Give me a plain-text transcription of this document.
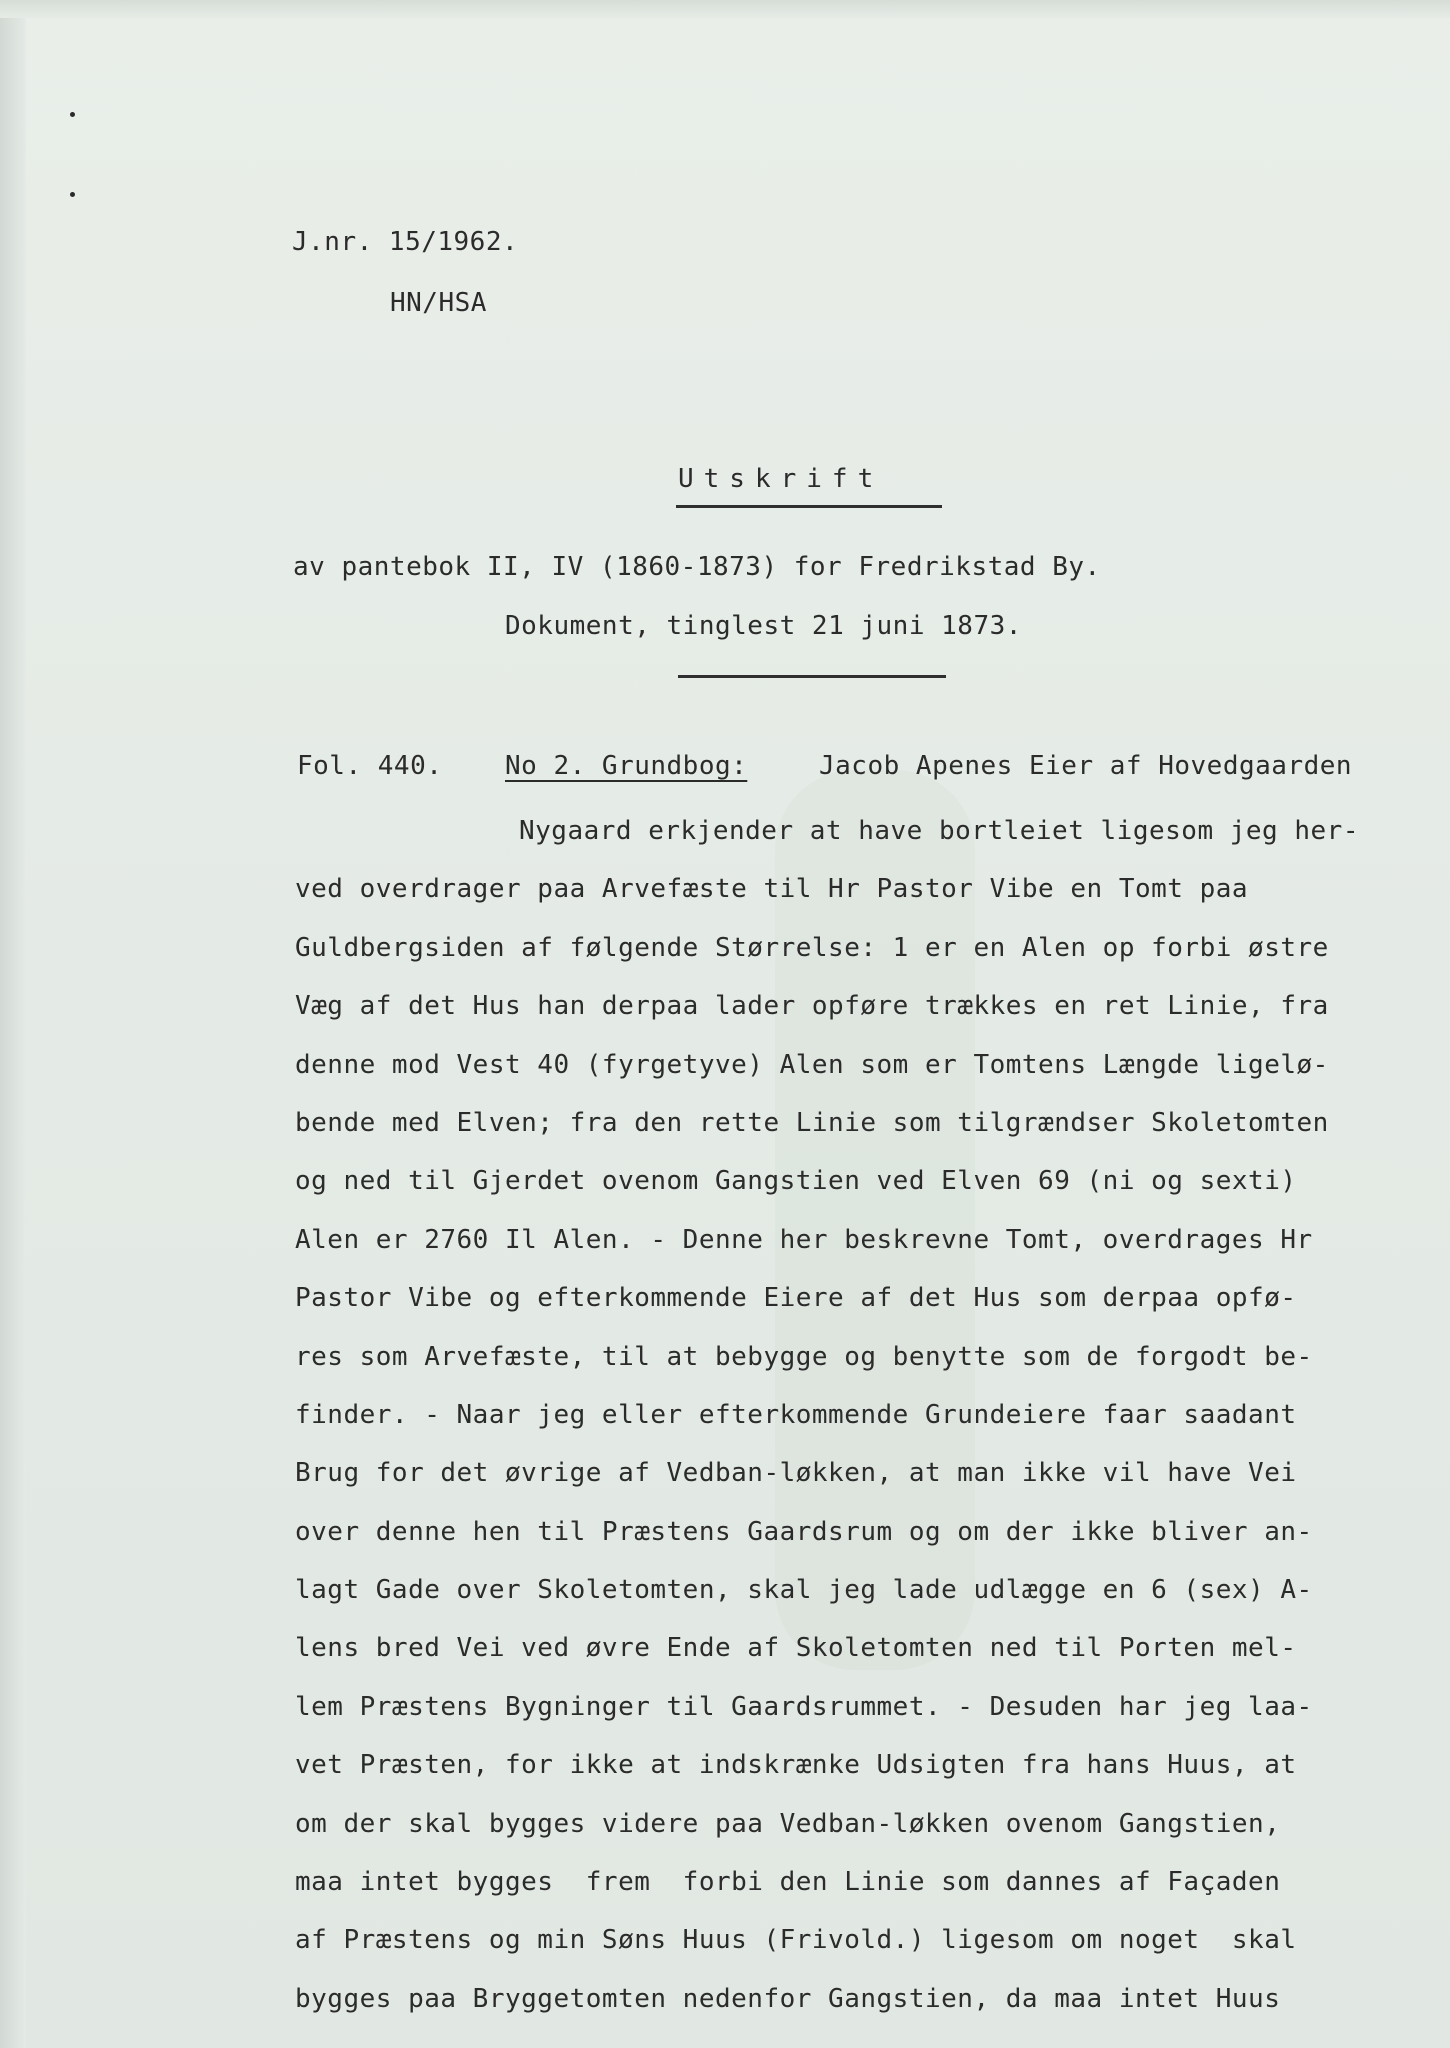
J.nr. 15/1962.

HN/HSA

Utskrift

av pantebok II, IV (1860-1873) for Fredrikstad By.

Dokument, tinglest 21 juni 1873.

Fol. 440. No 2. Grundbog:	Jacob Apenes Eier af Hovedgaarden

Nygaard erkjender at have bortleiet ligesom jeg her-
ved overdrager paa Arvefæste til Hr Pastor Vibe en Tomt paa
Guldbergsiden af følgende Størrelse: 1 er en Alen op forbi østre
Væg af det Hus han derpaa lader opføre trækkes en ret Linie, fra
denne mod Vest 40 (fyrgetyve) Alen som er Tomtens Længde ligelø-
bende med Elven; fra den rette Linie som tilgrændser Skoletomten
og ned til Gjerdet ovenom Gangstien ved Elven 69 (ni og sexti)
Alen er 2760 Il Alen. - Denne her beskrevne Tomt, overdrages Hr
Pastor Vibe og efterkommende Eiere af det Hus som derpaa opfø-
res som Arvefæste, til at bebygge og benytte som de forgodt be-
finder. - Naar jeg eller efterkommende Grundeiere faar saadant
Brug for det øvrige af Vedban-løkken, at man ikke vil have Vei
over denne hen til Præstens Gaardsrum og om der ikke bliver an-
lagt Gade over Skoletomten, skal jeg lade udlægge en 6 (sex) A-
lens bred Vei ved øvre Ende af Skoletomten ned til Porten mel-
lem Præstens Bygninger til Gaardsrummet. - Desuden har jeg laa-
vet Præsten, for ikke at indskrænke Udsigten fra hans Huus, at
om der skal bygges videre paa Vedban-løkken ovenom Gangstien,
maa intet bygges  frem  forbi den Linie som dannes af Façaden
af Præstens og min Søns Huus (Frivold.) ligesom om noget  skal
bygges paa Bryggetomten nedenfor Gangstien, da maa intet Huus
